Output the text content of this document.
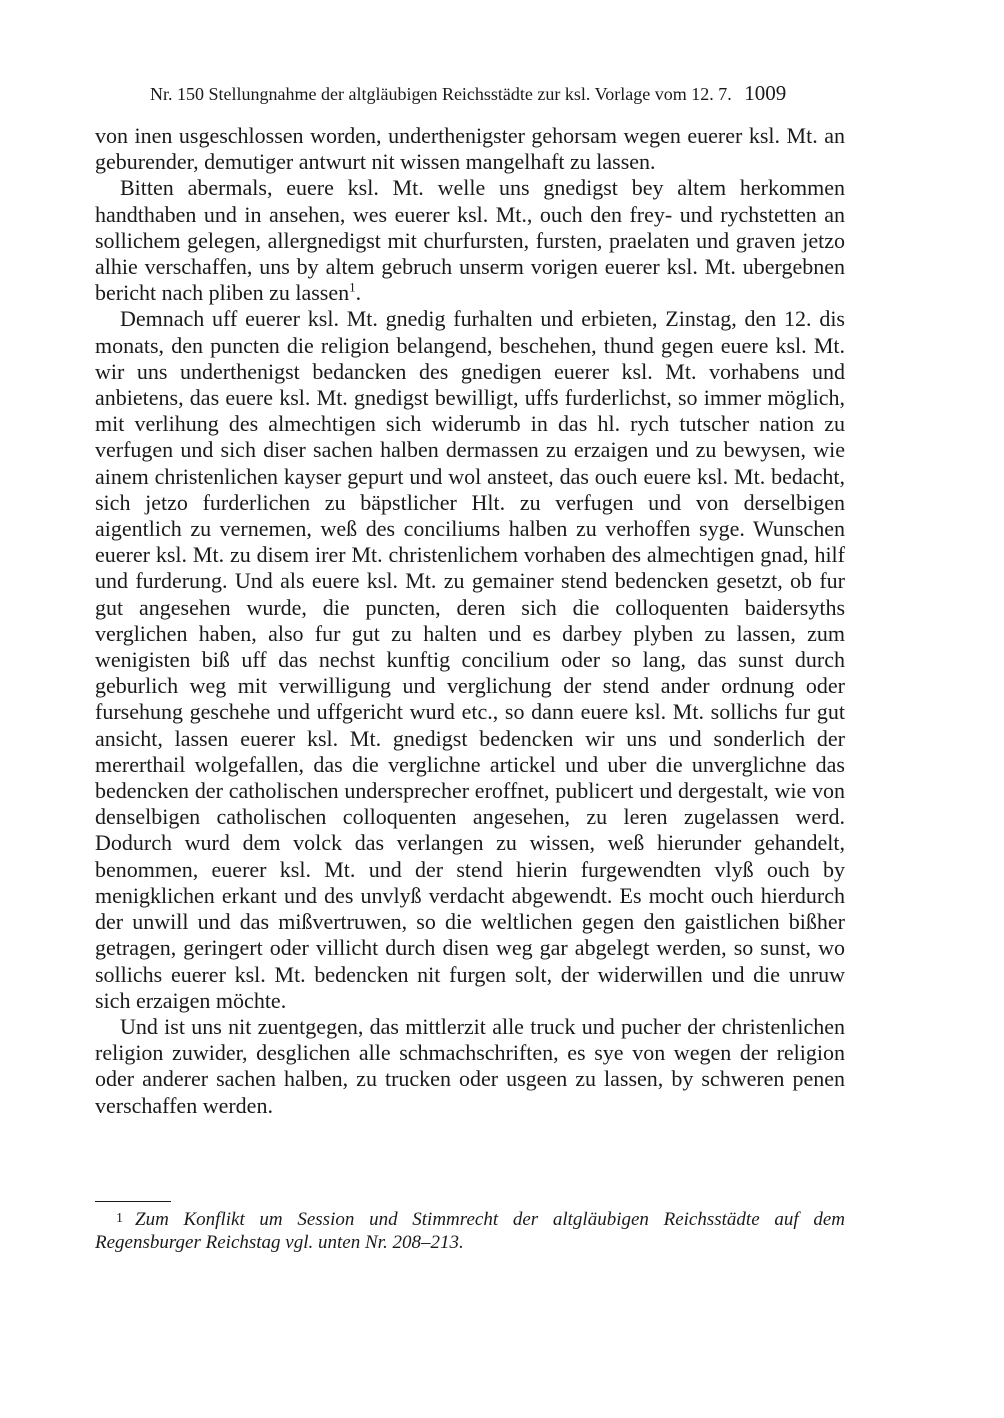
Nr. 150 Stellungnahme der altgläubigen Reichsstädte zur ksl. Vorlage vom 12. 7. 1009

von inen usgeschlossen worden, underthenigster gehorsam wegen euerer ksl. Mt. an geburender, demutiger antwurt nit wissen mangelhaft zu lassen.

Bitten abermals, euere ksl. Mt. welle uns gnedigst bey altem herkommen handthaben und in ansehen, wes euerer ksl. Mt., ouch den frey- und rychstetten an sollichem gelegen, allergnedigst mit churfursten, fursten, praelaten und graven jetzo alhie verschaffen, uns by altem gebruch unserm vorigen euerer ksl. Mt. ubergebnen bericht nach pliben zu lassen$^1$.

Demnach uff euerer ksl. Mt. gnedig furhalten und erbieten, Zinstag, den 12. dis monats, den puncten die religion belangend, beschehen, thund gegen euere ksl. Mt. wir uns underthenigst bedancken des gnedigen euerer ksl. Mt. vorhabens und anbietens, das euere ksl. Mt. gnedigst bewilligt, uffs furderlichst, so immer möglich, mit verlihung des almechtigen sich widerumb in das hl. rych tutscher nation zu verfugen und sich diser sachen halben dermassen zu erzaigen und zu bewysen, wie ainem christenlichen kayser gepurt und wol ansteet, das ouch euere ksl. Mt. bedacht, sich jetzo furderlichen zu bäpstlicher Hlt. zu verfugen und von derselbigen aigentlich zu vernemen, weß des conciliums halben zu verhoffen syge. Wunschen euerer ksl. Mt. zu disem irer Mt. christenlichem vorhaben des almechtigen gnad, hilf und furderung. Und als euere ksl. Mt. zu gemainer stend bedencken gesetzt, ob fur gut angesehen wurde, die puncten, deren sich die colloquenten baidersyths verglichen haben, also fur gut zu halten und es darbey plyben zu lassen, zum wenigisten biß uff das nechst kunftig concilium oder so lang, das sunst durch geburlich weg mit verwilligung und verglichung der stend ander ordnung oder fursehung geschehe und uffgericht wurd etc., so dann euere ksl. Mt. sollichs fur gut ansicht, lassen euerer ksl. Mt. gnedigst bedencken wir uns und sonderlich der mererthail wolgefallen, das die verglichne artickel und uber die unverglichne das bedencken der catholischen undersprecher eroffnet, publicert und dergestalt, wie von denselbigen catholischen colloquenten angesehen, zu leren zugelassen werd. Dodurch wurd dem volck das verlangen zu wissen, weß hierunder gehandelt, benommen, euerer ksl. Mt. und der stend hierin furgewendten vlyß ouch by menigklichen erkant und des unvlyß verdacht abgewendt. Es mocht ouch hierdurch der unwill und das mißvertruwen, so die weltlichen gegen den gaistlichen bißher getragen, geringert oder villicht durch disen weg gar abgelegt werden, so sunst, wo sollichs euerer ksl. Mt. bedencken nit furgen solt, der widerwillen und die unruw sich erzaigen möchte.

Und ist uns nit zuentgegen, das mittlerzit alle truck und pucher der christenlichen religion zuwider, desglichen alle schmachschriften, es sye von wegen der religion oder anderer sachen halben, zu trucken oder usgeen zu lassen, by schweren penen verschaffen werden.

1 Zum Konflikt um Session und Stimmrecht der altgläubigen Reichsstädte auf dem Regensburger Reichstag vgl. unten Nr. 208–213.
